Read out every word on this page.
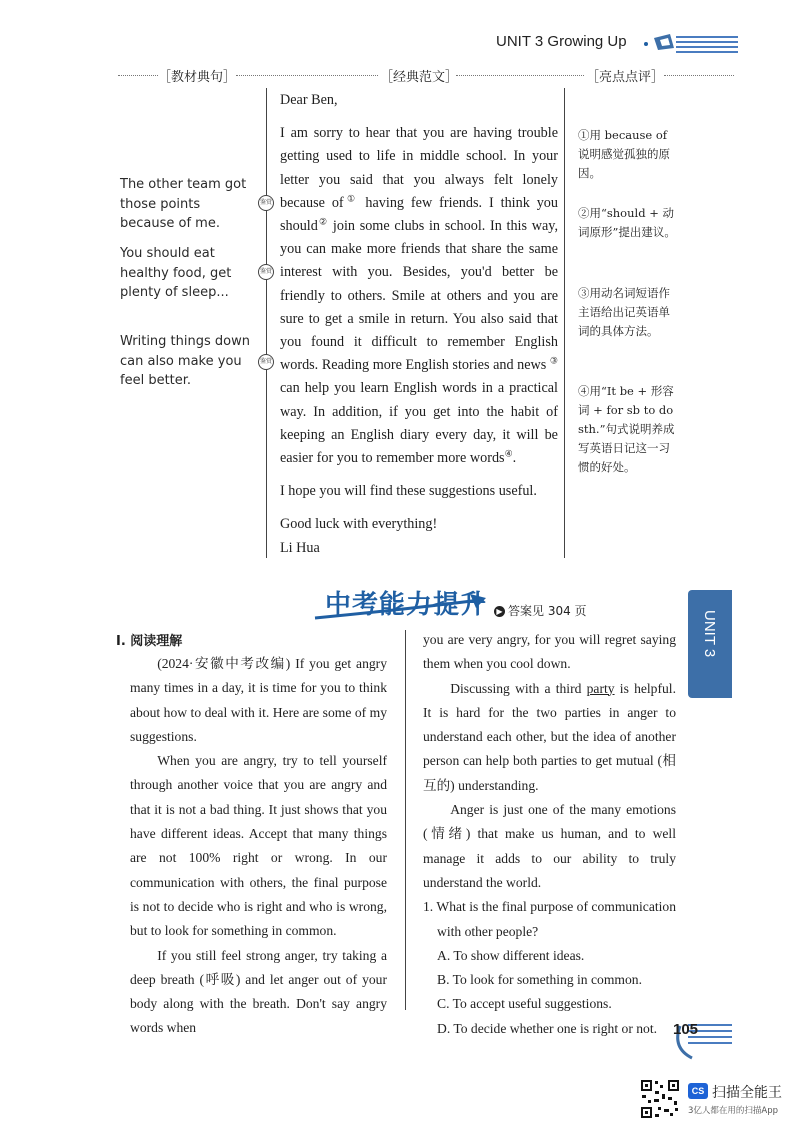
UNIT 3 Growing Up
［教材典句］	［经典范文］	［亮点点评］
The other team got those points because of me.
You should eat healthy food, get plenty of sleep...
Writing things down can also make you feel better.
鉴赏
鉴赏
鉴赏

Dear Ben,

I am sorry to hear that you are having trouble getting used to life in middle school. In your letter you said that you always felt lonely because of① having few friends. I think you should② join some clubs in school. In this way, you can make more friends that share the same interest with you. Besides, you'd better be friendly to others. Smile at others and you are sure to get a smile in return. You also said that you found it difficult to remember English words. Reading more English stories and news ③ can help you learn English words in a practical way. In addition, if you get into the habit of keeping an English diary every day, it will be easier for you to remember more words④.

I hope you will find these suggestions useful.

Good luck with everything!

Li Hua

①用 because of 说明感觉孤独的原因。
②用“should + 动词原形”提出建议。
③用动名词短语作主语给出记英语单词的具体方法。
④用“It be + 形容词 + for sb to do sth.”句式说明养成写英语日记这一习惯的好处。
中考能力提升	▶ 答案见 304 页	UNIT 3
Ⅰ. 阅读理解

(2024·安徽中考改编) If you get angry many times in a day, it is time for you to think about how to deal with it. Here are some of my suggestions.

When you are angry, try to tell yourself through another voice that you are angry and that it is not a bad thing. It just shows that you have different ideas. Accept that many things are not 100% right or wrong. In our communication with others, the final purpose is not to decide who is right and who is wrong, but to look for something in common.

If you still feel strong anger, try taking a deep breath (呼吸) and let anger out of your body along with the breath. Don't say angry words when

you are very angry, for you will regret saying them when you cool down.

Discussing with a third party is helpful. It is hard for the two parties in anger to understand each other, but the idea of another person can help both parties to get mutual (相互的) understanding.

Anger is just one of the many emotions (情绪) that make us human, and to well manage it adds to our ability to truly understand the world.

1. What is the final purpose of communication with other people?

A. To show different ideas.

B. To look for something in common.

C. To accept useful suggestions.

D. To decide whether one is right or not.	105
CS 扫描全能王
3亿人都在用的扫描App
